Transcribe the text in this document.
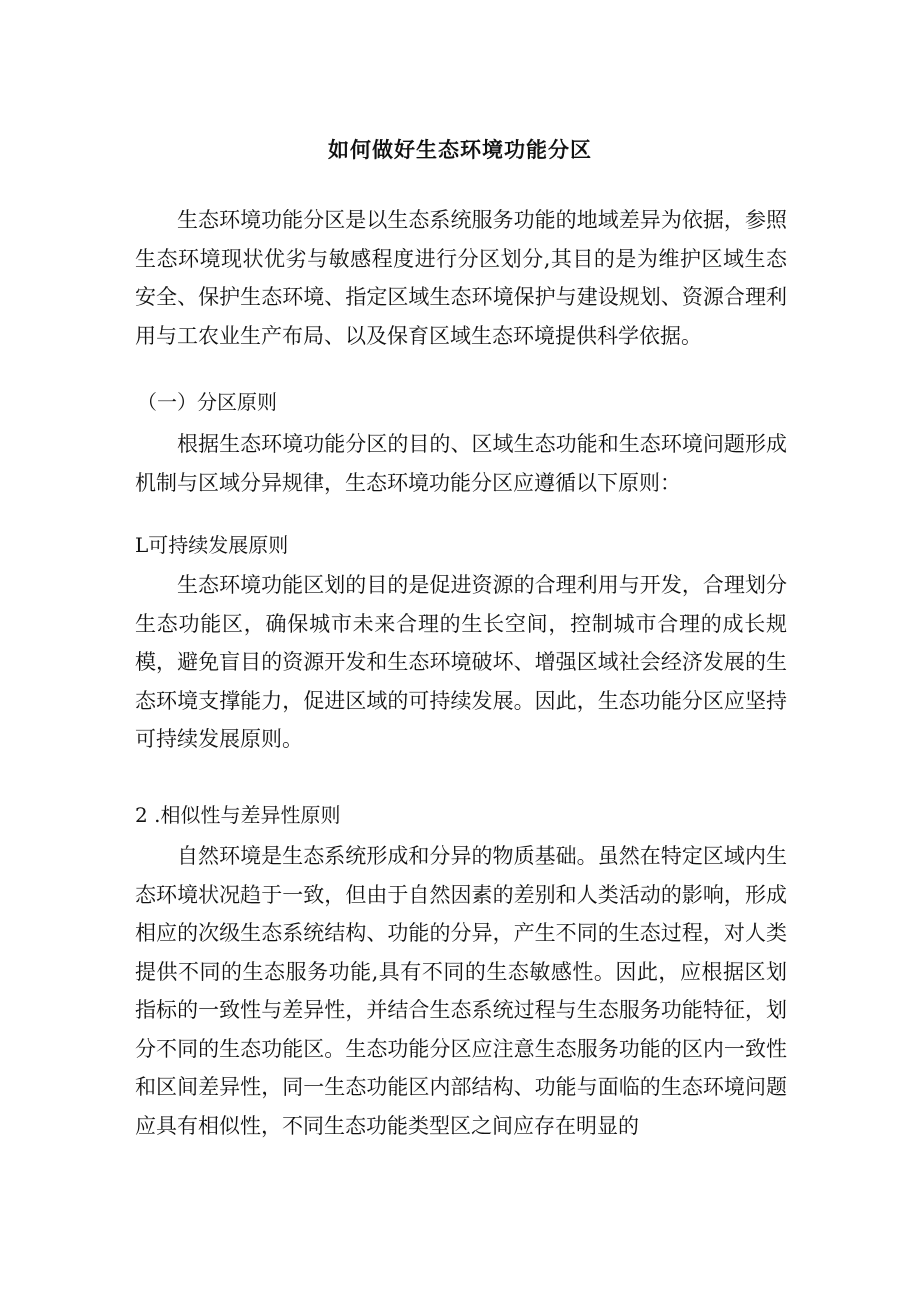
如何做好生态环境功能分区

生态环境功能分区是以生态系统服务功能的地域差异为依据，参照生态环境现状优劣与敏感程度进行分区划分,其目的是为维护区域生态安全、保护生态环境、指定区域生态环境保护与建设规划、资源合理利用与工农业生产布局、以及保育区域生态环境提供科学依据。

（一）分区原则

根据生态环境功能分区的目的、区域生态功能和生态环境问题形成机制与区域分异规律，生态环境功能分区应遵循以下原则：

L可持续发展原则

生态环境功能区划的目的是促进资源的合理利用与开发，合理划分生态功能区，确保城市未来合理的生长空间，控制城市合理的成长规模，避免盲目的资源开发和生态环境破坏、增强区域社会经济发展的生态环境支撑能力，促进区域的可持续发展。因此，生态功能分区应坚持可持续发展原则。

2 .相似性与差异性原则

自然环境是生态系统形成和分异的物质基础。虽然在特定区域内生态环境状况趋于一致，但由于自然因素的差别和人类活动的影响，形成相应的次级生态系统结构、功能的分异，产生不同的生态过程，对人类提供不同的生态服务功能,具有不同的生态敏感性。因此，应根据区划指标的一致性与差异性，并结合生态系统过程与生态服务功能特征，划分不同的生态功能区。生态功能分区应注意生态服务功能的区内一致性和区间差异性，同一生态功能区内部结构、功能与面临的生态环境问题应具有相似性，不同生态功能类型区之间应存在明显的
